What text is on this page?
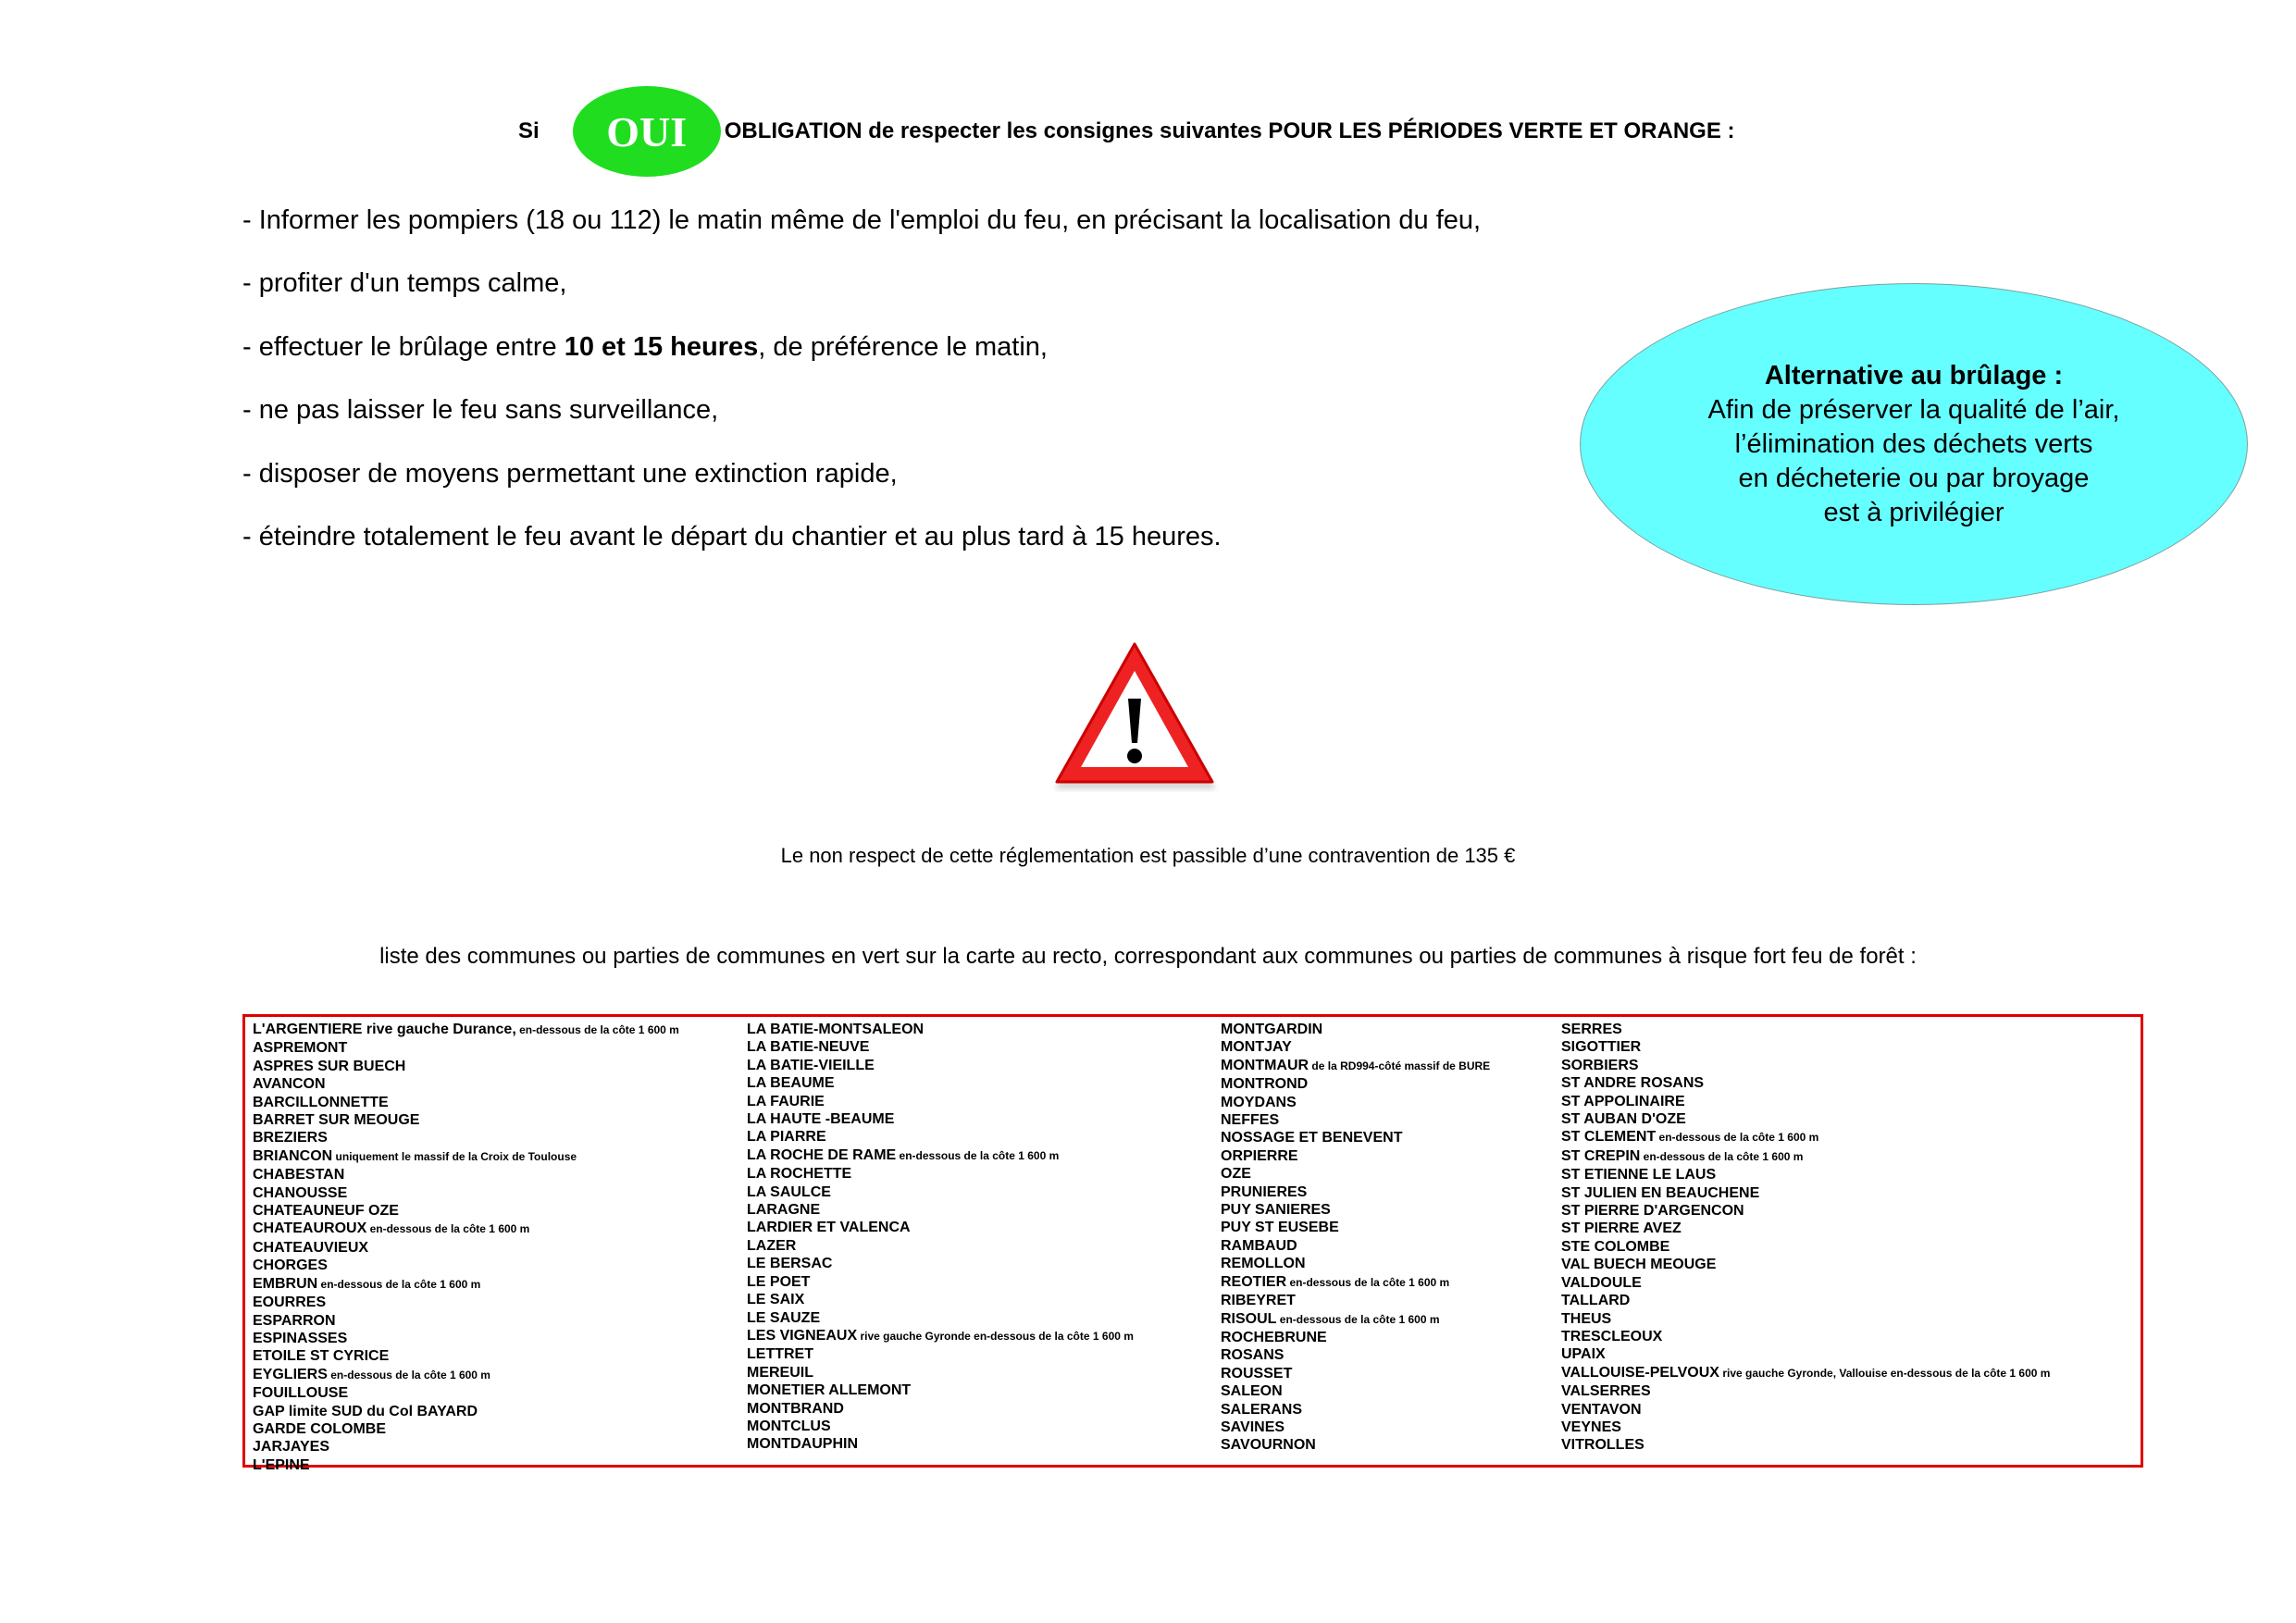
Si	OUI	OBLIGATION de respecter les consignes suivantes POUR LES PÉRIODES VERTE ET ORANGE :
- Informer les pompiers (18 ou 112) le matin même de l'emploi du feu, en précisant la localisation du feu,
- profiter d'un temps calme,
- effectuer le brûlage entre 10 et 15 heures, de préférence le matin,
- ne pas laisser le feu sans surveillance,
- disposer de moyens permettant une extinction rapide,
- éteindre totalement le feu avant le départ du chantier et au plus tard à 15 heures.
Alternative au brûlage :
Afin de préserver la qualité de l’air,
l’élimination des déchets verts
en décheterie ou par broyage
est à privilégier
Le non respect de cette réglementation est passible d’une contravention de 135 €
liste des communes ou parties de communes en vert sur la carte au recto, correspondant aux communes ou parties de communes à risque fort feu de forêt :
L'ARGENTIERE rive gauche Durance, en-dessous de la côte 1 600 m
ASPREMONT
ASPRES SUR BUECH
AVANCON
BARCILLONNETTE
BARRET SUR MEOUGE
BREZIERS
BRIANCON uniquement le massif de la Croix de Toulouse
CHABESTAN
CHANOUSSE
CHATEAUNEUF OZE
CHATEAUROUX en-dessous de la côte 1 600 m
CHATEAUVIEUX
CHORGES
EMBRUN en-dessous de la côte 1 600 m
EOURRES
ESPARRON
ESPINASSES
ETOILE ST CYRICE
EYGLIERS en-dessous de la côte 1 600 m
FOUILLOUSE
GAP limite SUD du Col BAYARD
GARDE COLOMBE
JARJAYES
L'EPINE
LA BATIE-MONTSALEON
LA BATIE-NEUVE
LA BATIE-VIEILLE
LA BEAUME
LA FAURIE
LA HAUTE -BEAUME
LA PIARRE
LA ROCHE DE RAME en-dessous de la côte 1 600 m
LA ROCHETTE
LA SAULCE
LARAGNE
LARDIER ET VALENCA
LAZER
LE BERSAC
LE POET
LE SAIX
LE SAUZE
LES VIGNEAUX rive gauche Gyronde en-dessous de la côte 1 600 m
LETTRET
MEREUIL
MONETIER ALLEMONT
MONTBRAND
MONTCLUS
MONTDAUPHIN
MONTGARDIN
MONTJAY
MONTMAUR de la RD994-côté massif de BURE
MONTROND
MOYDANS
NEFFES
NOSSAGE ET BENEVENT
ORPIERRE
OZE
PRUNIERES
PUY SANIERES
PUY ST EUSEBE
RAMBAUD
REMOLLON
REOTIER en-dessous de la côte 1 600 m
RIBEYRET
RISOUL en-dessous de la côte 1 600 m
ROCHEBRUNE
ROSANS
ROUSSET
SALEON
SALERANS
SAVINES
SAVOURNON
SERRES
SIGOTTIER
SORBIERS
ST ANDRE ROSANS
ST APPOLINAIRE
ST AUBAN D'OZE
ST CLEMENT en-dessous de la côte 1 600 m
ST CREPIN en-dessous de la côte 1 600 m
ST ETIENNE LE LAUS
ST JULIEN EN BEAUCHENE
ST PIERRE D'ARGENCON
ST PIERRE AVEZ
STE COLOMBE
VAL BUECH MEOUGE
VALDOULE
TALLARD
THEUS
TRESCLEOUX
UPAIX
VALLOUISE-PELVOUX rive gauche Gyronde, Vallouise en-dessous de la côte 1 600 m
VALSERRES
VENTAVON
VEYNES
VITROLLES
